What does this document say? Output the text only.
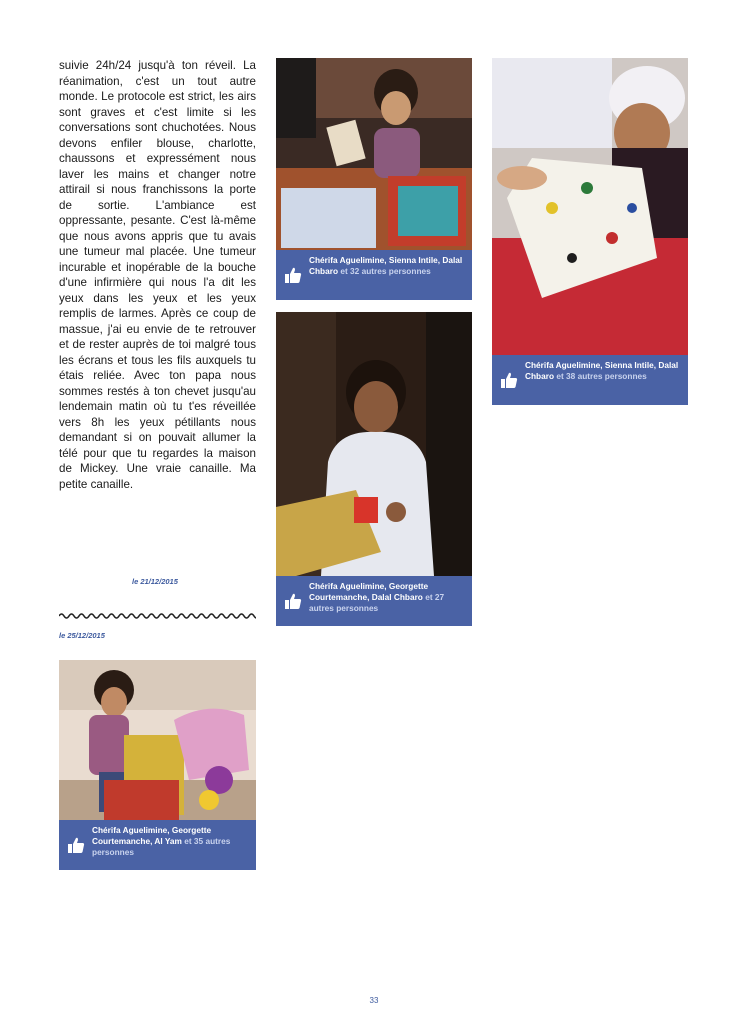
suivie 24h/24 jusqu'à ton réveil. La réanimation, c'est un tout autre monde. Le protocole est strict, les airs sont graves et c'est limite si les conversations sont chuchotées. Nous devons enfiler blouse, charlotte, chaussons et expressément nous laver les mains et changer notre attirail si nous franchissons la porte de sortie. L'ambiance est oppressante, pesante. C'est là-même que nous avons appris que tu avais une tumeur mal placée. Une tumeur incurable et inopérable de la bouche d'une infirmière qui nous l'a dit les yeux dans les yeux et les yeux remplis de larmes. Après ce coup de massue, j'ai eu envie de te retrouver et de rester auprès de toi malgré tous les écrans et tous les fils auxquels tu étais reliée. Avec ton papa nous sommes restés à ton chevet jusqu'au lendemain matin où tu t'es réveillée vers 8h les yeux pétillants nous demandant si on pouvait allumer la télé pour que tu regardes la maison de Mickey. Une vraie canaille. Ma petite canaille.
le 21/12/2015
le 25/12/2015
Chérifa Aguelimine, Sienna Intile, Dalal Chbaro et 32 autres personnes
Chérifa Aguelimine, Georgette Courtemanche, Dalal Chbaro et 27 autres personnes
Chérifa Aguelimine, Sienna Intile, Dalal Chbaro et 38 autres personnes
Chérifa Aguelimine, Georgette Courtemanche, Al Yam et 35 autres personnes
33
